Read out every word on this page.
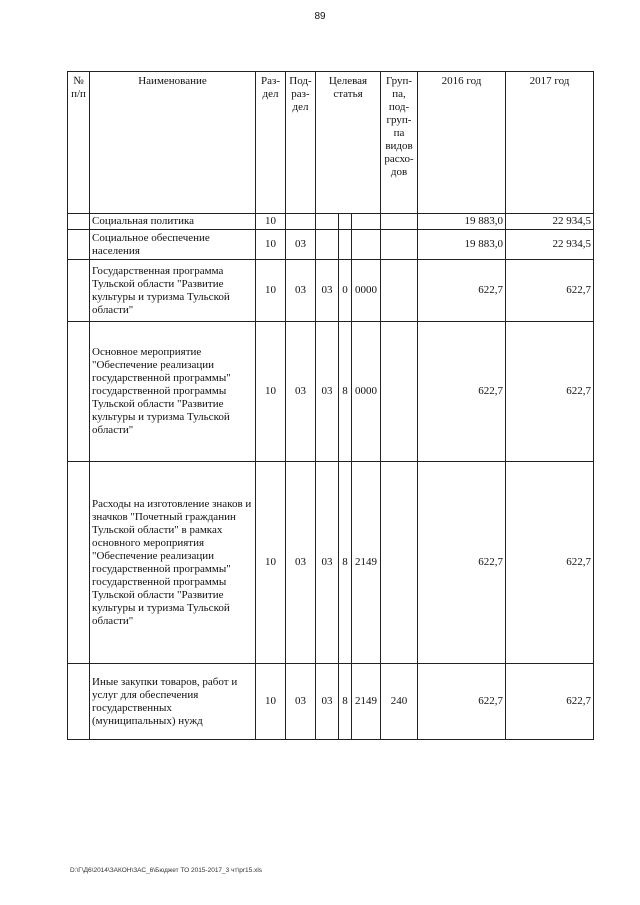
89
№ п/п	Наименование	Раз- дел	Под- раз- дел	Целевая статья			Груп- па, под- груп- па видов расхо- дов	2016 год	2017 год
	Социальная политика	10						19 883,0	22 934,5
	Социальное обеспечение населения	10	03					19 883,0	22 934,5
	Государственная программа Тульской области "Развитие культуры и туризма Тульской области"	10	03	03	0	0000		622,7	622,7
	Основное мероприятие "Обеспечение реализации государственной программы" государственной программы Тульской области "Развитие культуры и туризма Тульской области"	10	03	03	8	0000		622,7	622,7
	Расходы на изготовление знаков и значков "Почетный гражданин Тульской области" в рамках основного мероприятия "Обеспечение реализации государственной программы" государственной программы Тульской области "Развитие культуры и туризма Тульской области"	10	03	03	8	2149		622,7	622,7
	Иные закупки товаров, работ и услуг для обеспечения государственных (муниципальных) нужд	10	03	03	8	2149	240	622,7	622,7
D:\Г\Д6\2014\ЗАКОН\ЗАС_6\Бюджет ТО 2015-2017_3 чт\pr15.xls
